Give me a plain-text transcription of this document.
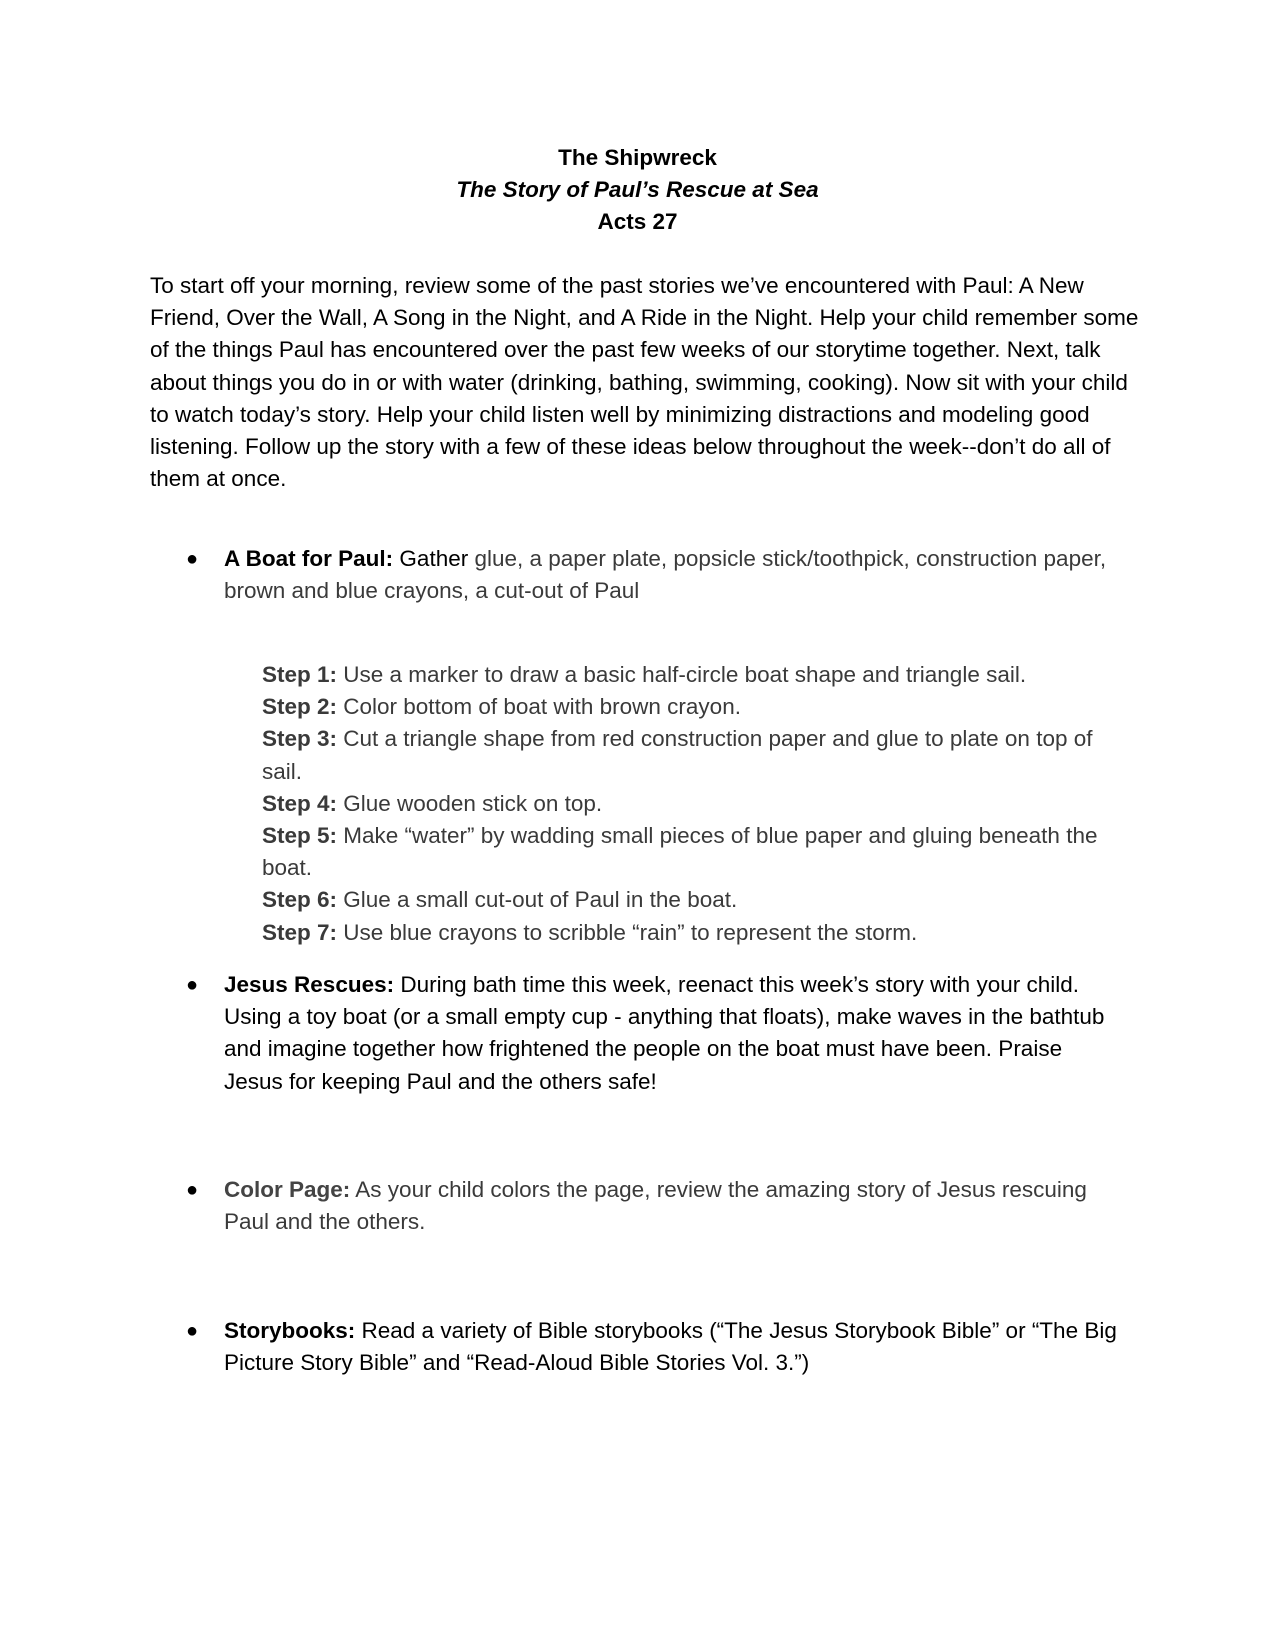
The Shipwreck
The Story of Paul’s Rescue at Sea
Acts 27
To start off your morning, review some of the past stories we’ve encountered with Paul: A New Friend, Over the Wall, A Song in the Night, and A Ride in the Night. Help your child remember some of the things Paul has encountered over the past few weeks of our storytime together. Next, talk about things you do in or with water (drinking, bathing, swimming, cooking). Now sit with your child to watch today’s story. Help your child listen well by minimizing distractions and modeling good listening. Follow up the story with a few of these ideas below throughout the week--don’t do all of them at once.
●	A Boat for Paul: Gather glue, a paper plate, popsicle stick/toothpick, construction paper, brown and blue crayons, a cut-out of Paul
Step 1: Use a marker to draw a basic half-circle boat shape and triangle sail.
Step 2: Color bottom of boat with brown crayon.
Step 3: Cut a triangle shape from red construction paper and glue to plate on top of sail.
Step 4: Glue wooden stick on top.
Step 5: Make “water” by wadding small pieces of blue paper and gluing beneath the boat.
Step 6: Glue a small cut-out of Paul in the boat.
Step 7: Use blue crayons to scribble “rain” to represent the storm.
●	Jesus Rescues: During bath time this week, reenact this week’s story with your child. Using a toy boat (or a small empty cup - anything that floats), make waves in the bathtub and imagine together how frightened the people on the boat must have been. Praise Jesus for keeping Paul and the others safe!
●	Color Page: As your child colors the page, review the amazing story of Jesus rescuing Paul and the others.
●	Storybooks: Read a variety of Bible storybooks (“The Jesus Storybook Bible” or “The Big Picture Story Bible” and “Read-Aloud Bible Stories Vol. 3.”)
